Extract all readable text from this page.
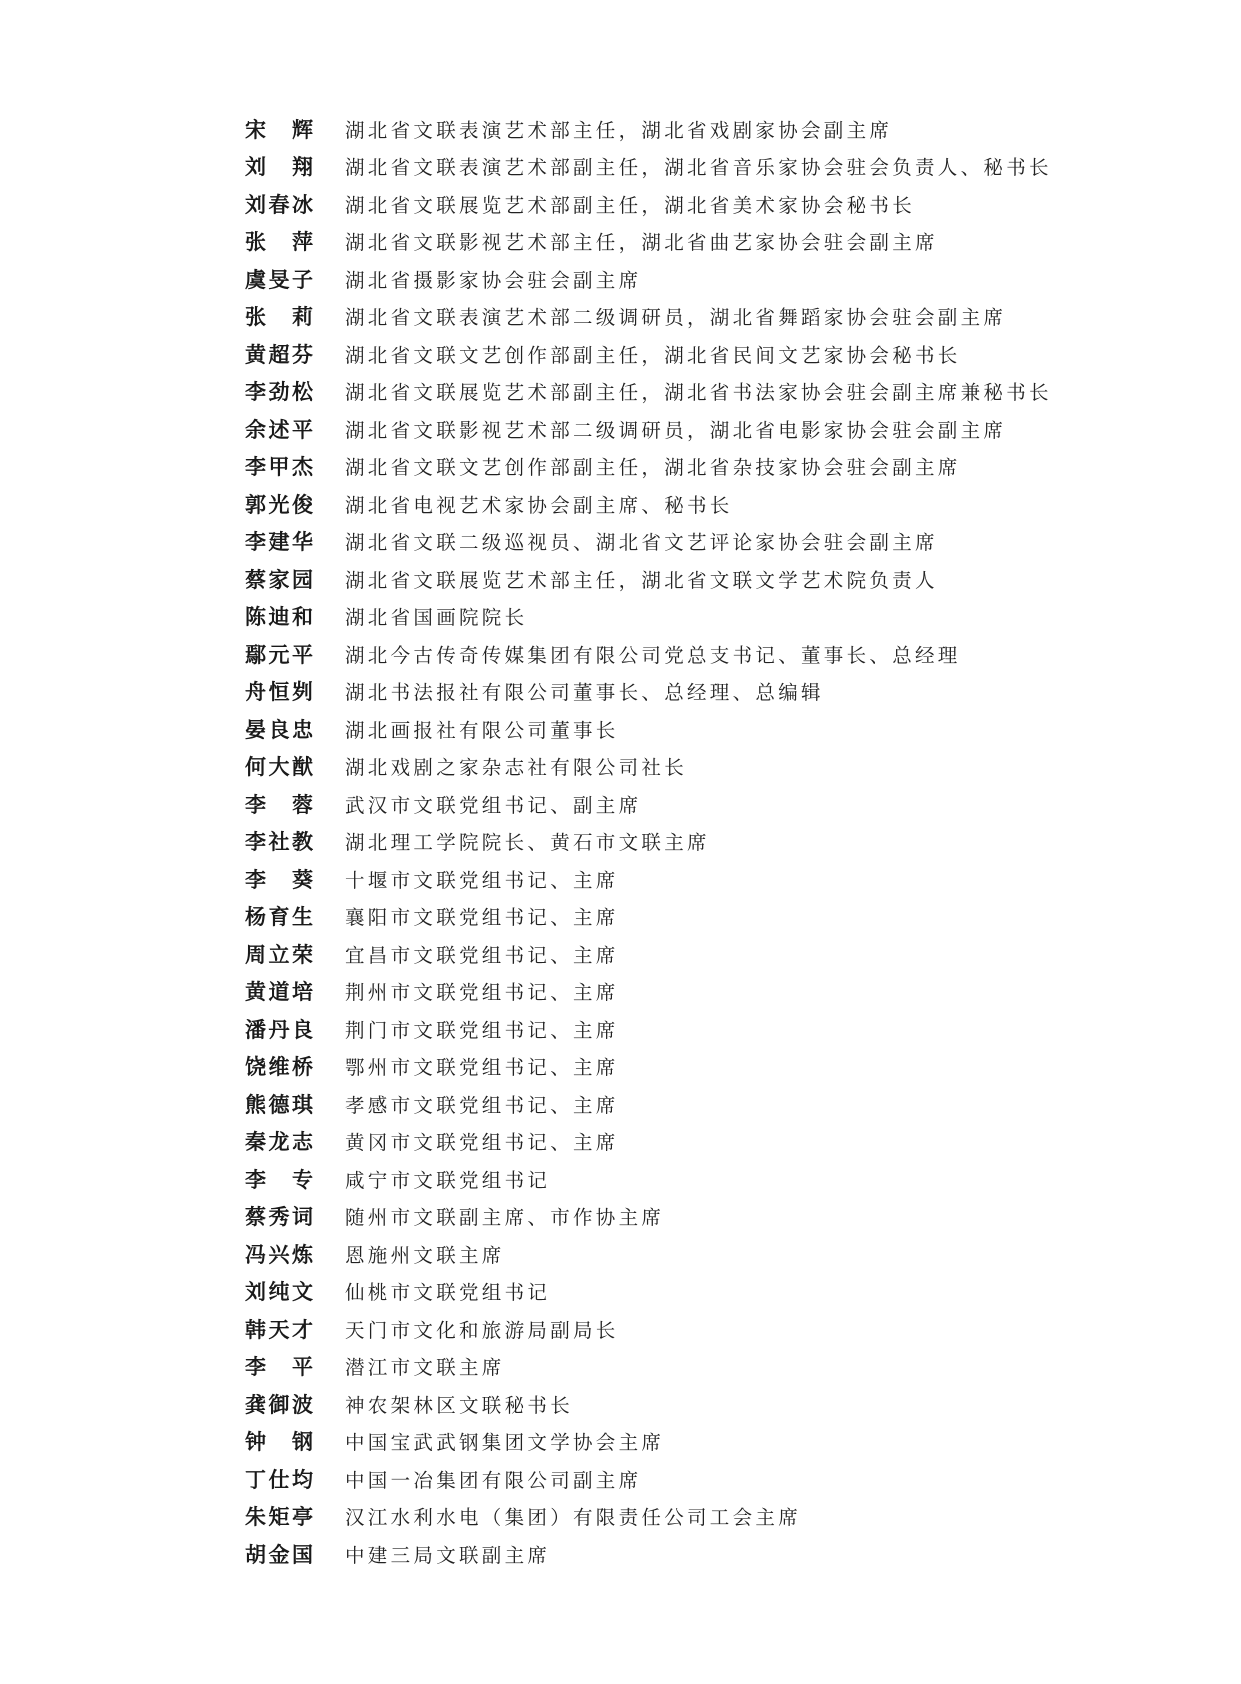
宋 辉 湖北省文联表演艺术部主任，湖北省戏剧家协会副主席
刘 翔 湖北省文联表演艺术部副主任，湖北省音乐家协会驻会负责人、秘书长
刘 春 冰 湖北省文联展览艺术部副主任，湖北省美术家协会秘书长
张 萍 湖北省文联影视艺术部主任，湖北省曲艺家协会驻会副主席
虞 旻 子 湖北省摄影家协会驻会副主席
张 莉 湖北省文联表演艺术部二级调研员，湖北省舞蹈家协会驻会副主席
黄 超 芬 湖北省文联文艺创作部副主任，湖北省民间文艺家协会秘书长
李 劲 松 湖北省文联展览艺术部副主任，湖北省书法家协会驻会副主席兼秘书长
余 述 平 湖北省文联影视艺术部二级调研员，湖北省电影家协会驻会副主席
李 甲 杰 湖北省文联文艺创作部副主任，湖北省杂技家协会驻会副主席
郭 光 俊 湖北省电视艺术家协会副主席、秘书长
李 建 华 湖北省文联二级巡视员、湖北省文艺评论家协会驻会副主席
蔡 家 园 湖北省文联展览艺术部主任，湖北省文联文学艺术院负责人
陈 迪 和 湖北省国画院院长
鄢 元 平 湖北今古传奇传媒集团有限公司党总支书记、董事长、总经理
舟 恒 刿 湖北书法报社有限公司董事长、总经理、总编辑
晏 良 忠 湖北画报社有限公司董事长
何 大 猷 湖北戏剧之家杂志社有限公司社长
李 蓉 武汉市文联党组书记、副主席
李 社 教 湖北理工学院院长、黄石市文联主席
李 葵 十堰市文联党组书记、主席
杨 育 生 襄阳市文联党组书记、主席
周 立 荣 宜昌市文联党组书记、主席
黄 道 培 荆州市文联党组书记、主席
潘 丹 良 荆门市文联党组书记、主席
饶 维 桥 鄂州市文联党组书记、主席
熊 德 琪 孝感市文联党组书记、主席
秦 龙 志 黄冈市文联党组书记、主席
李 专 咸宁市文联党组书记
蔡 秀 词 随州市文联副主席、市作协主席
冯 兴 炼 恩施州文联主席
刘 纯 文 仙桃市文联党组书记
韩 天 才 天门市文化和旅游局副局长
李 平 潜江市文联主席
龚 御 波 神农架林区文联秘书长
钟 钢 中国宝武武钢集团文学协会主席
丁 仕 均 中国一冶集团有限公司副主席
朱 矩 亭 汉江水利水电（集团）有限责任公司工会主席
胡 金 国 中建三局文联副主席
